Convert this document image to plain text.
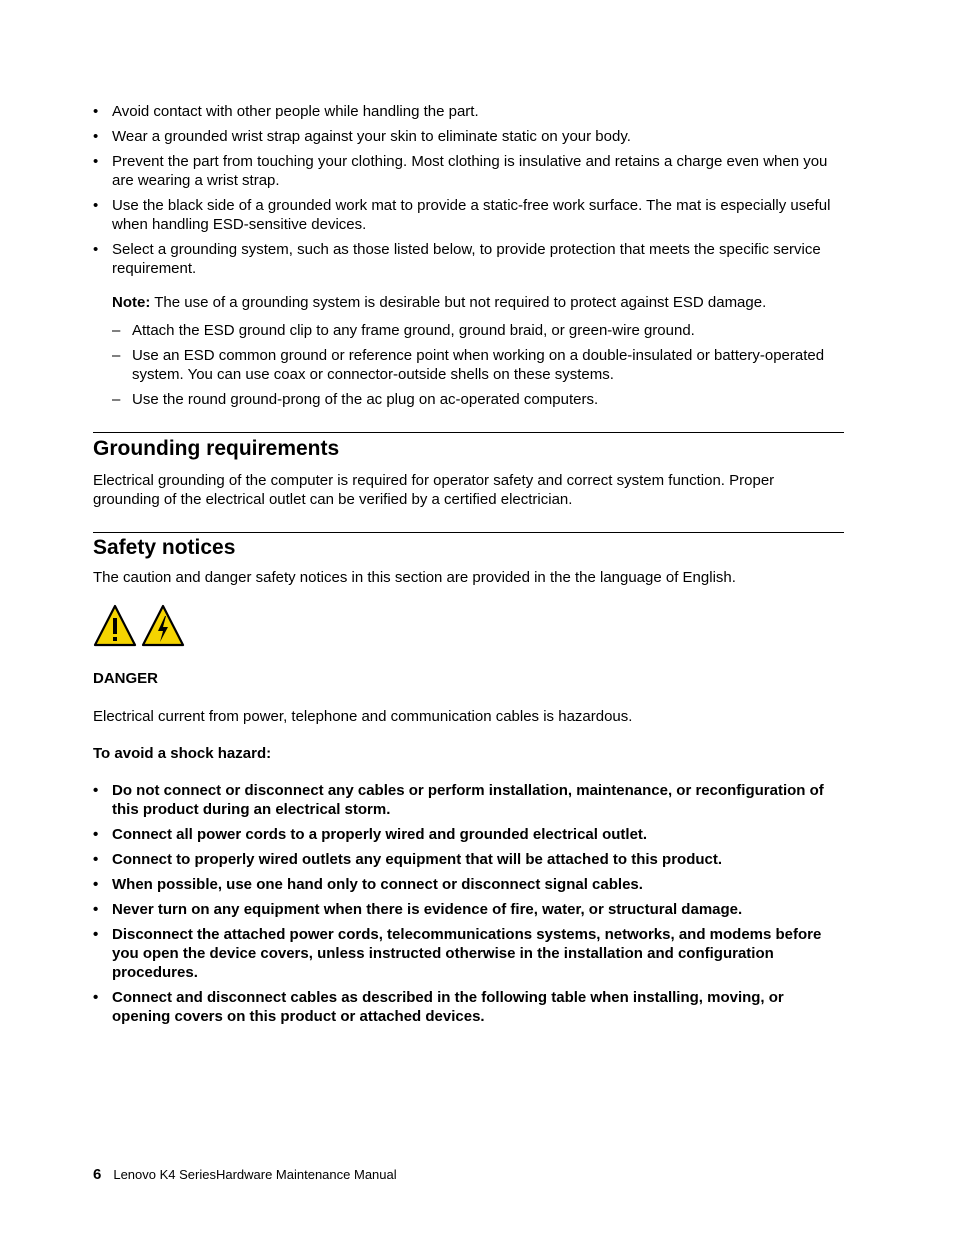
• Avoid contact with other people while handling the part.
• Wear a grounded wrist strap against your skin to eliminate static on your body.
• Prevent the part from touching your clothing. Most clothing is insulative and retains a charge even when you are wearing a wrist strap.
• Use the black side of a grounded work mat to provide a static-free work surface. The mat is especially useful when handling ESD-sensitive devices.
• Select a grounding system, such as those listed below, to provide protection that meets the specific service requirement.
Note: The use of a grounding system is desirable but not required to protect against ESD damage.
– Attach the ESD ground clip to any frame ground, ground braid, or green-wire ground.
– Use an ESD common ground or reference point when working on a double-insulated or battery-operated system. You can use coax or connector-outside shells on these systems.
– Use the round ground-prong of the ac plug on ac-operated computers.
Grounding requirements
Electrical grounding of the computer is required for operator safety and correct system function. Proper grounding of the electrical outlet can be verified by a certified electrician.
Safety notices
The caution and danger safety notices in this section are provided in the the language of English.
DANGER
Electrical current from power, telephone and communication cables is hazardous.
To avoid a shock hazard:
• Do not connect or disconnect any cables or perform installation, maintenance, or reconfiguration of this product during an electrical storm.
• Connect all power cords to a properly wired and grounded electrical outlet.
• Connect to properly wired outlets any equipment that will be attached to this product.
• When possible, use one hand only to connect or disconnect signal cables.
• Never turn on any equipment when there is evidence of fire, water, or structural damage.
• Disconnect the attached power cords, telecommunications systems, networks, and modems before you open the device covers, unless instructed otherwise in the installation and configuration procedures.
• Connect and disconnect cables as described in the following table when installing, moving, or opening covers on this product or attached devices.
6 Lenovo K4 SeriesHardware Maintenance Manual
